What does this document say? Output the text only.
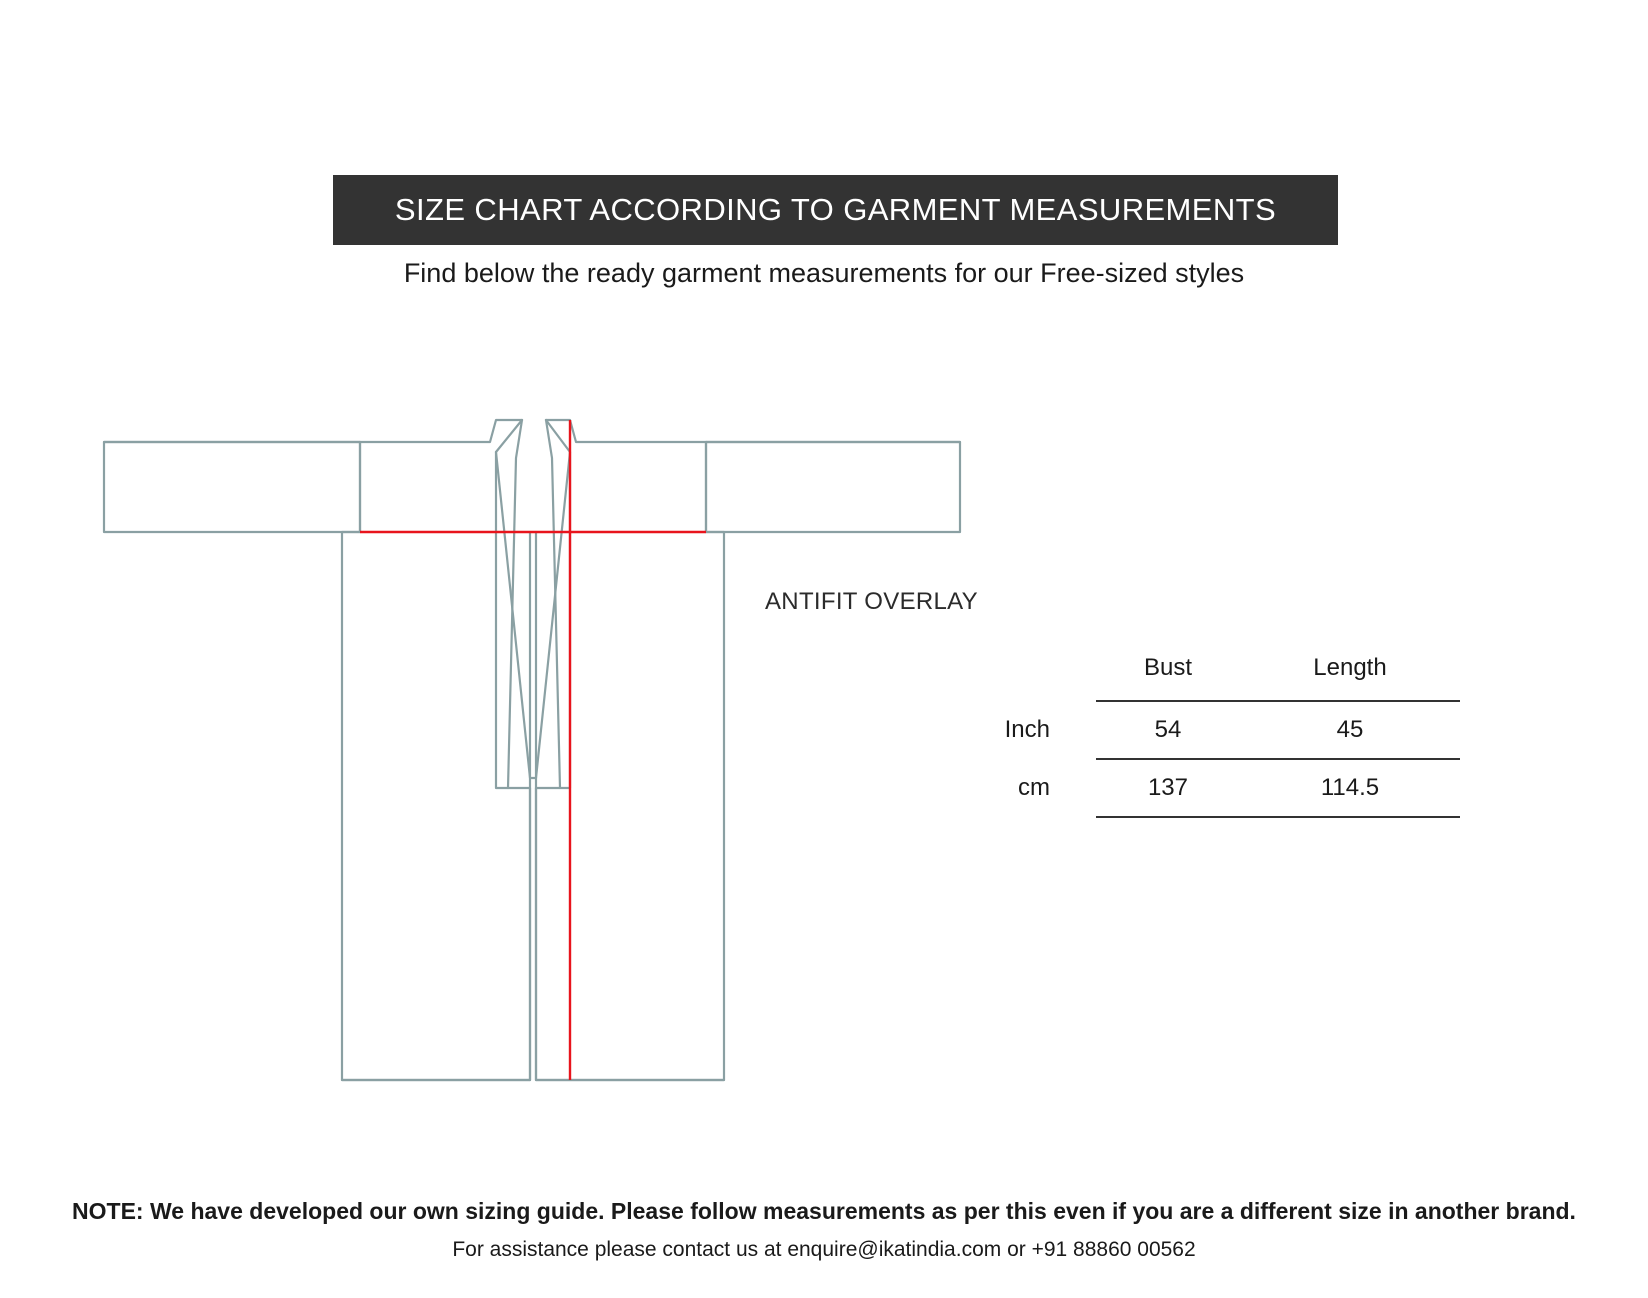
SIZE CHART ACCORDING TO GARMENT MEASUREMENTS
Find below the ready garment measurements for our Free-sized styles
ANTIFIT OVERLAY
	Bust	Length
Inch	54	45
cm	137	114.5
NOTE: We have developed our own sizing guide. Please follow measurements as per this even if you are a different size in another brand.
For assistance please contact us at enquire@ikatindia.com or +91 88860 00562
